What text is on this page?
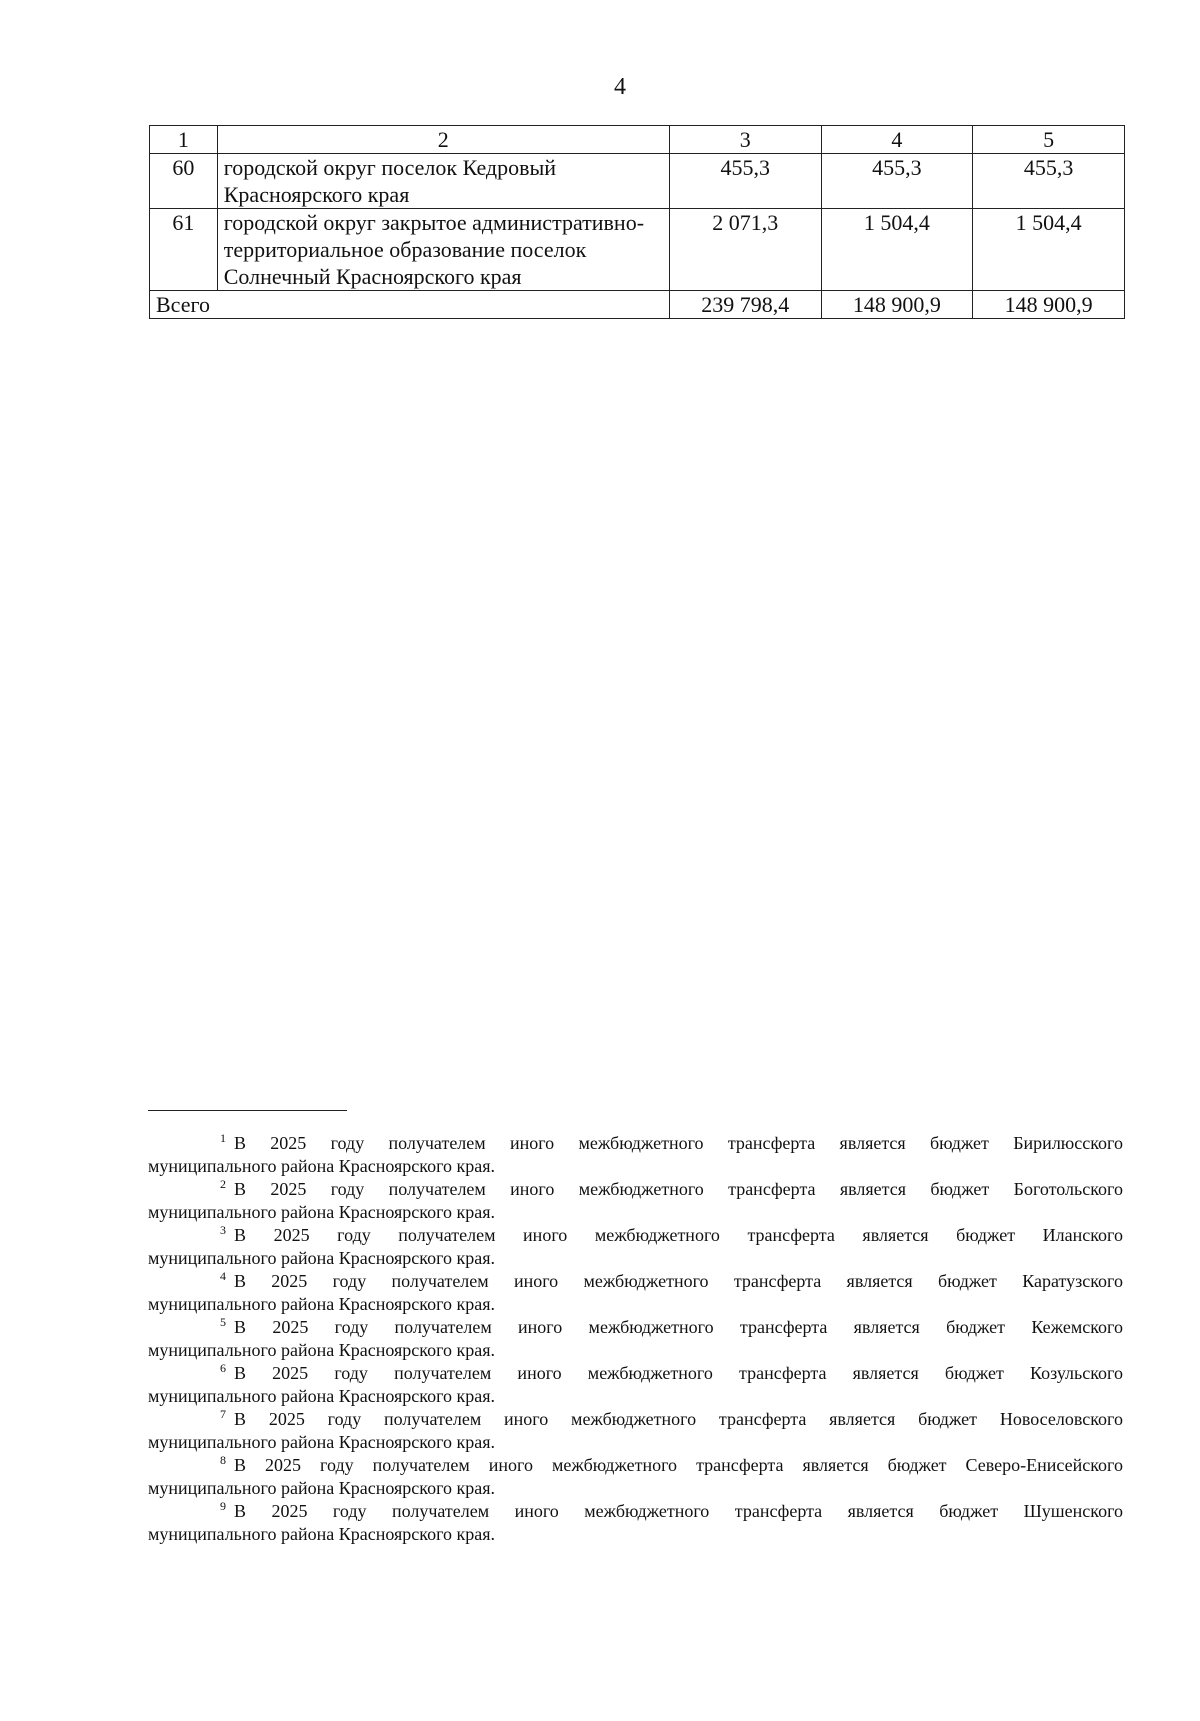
4
1	2	3	4	5
60	городской округ поселок Кедровый Красноярского края	455,3	455,3	455,3
61	городской округ закрытое административно-территориальное образование поселок Солнечный Красноярского края	2 071,3	1 504,4	1 504,4
Всего		239 798,4	148 900,9	148 900,9

$^1$ В 2025 году получателем иного межбюджетного трансферта является бюджет Бирилюсского
муниципального района Красноярского края.

$^2$ В 2025 году получателем иного межбюджетного трансферта является бюджет Боготольского
муниципального района Красноярского края.

$^3$ В 2025 году получателем иного межбюджетного трансферта является бюджет Иланского
муниципального района Красноярского края.

$^4$ В 2025 году получателем иного межбюджетного трансферта является бюджет Каратузского
муниципального района Красноярского края.

$^5$ В 2025 году получателем иного межбюджетного трансферта является бюджет Кежемского
муниципального района Красноярского края.

$^6$ В 2025 году получателем иного межбюджетного трансферта является бюджет Козульского
муниципального района Красноярского края.

$^7$ В 2025 году получателем иного межбюджетного трансферта является бюджет Новоселовского
муниципального района Красноярского края.

$^8$ В 2025 году получателем иного межбюджетного трансферта является бюджет Северо-Енисейского
муниципального района Красноярского края.

$^9$ В 2025 году получателем иного межбюджетного трансферта является бюджет Шушенского
муниципального района Красноярского края.
